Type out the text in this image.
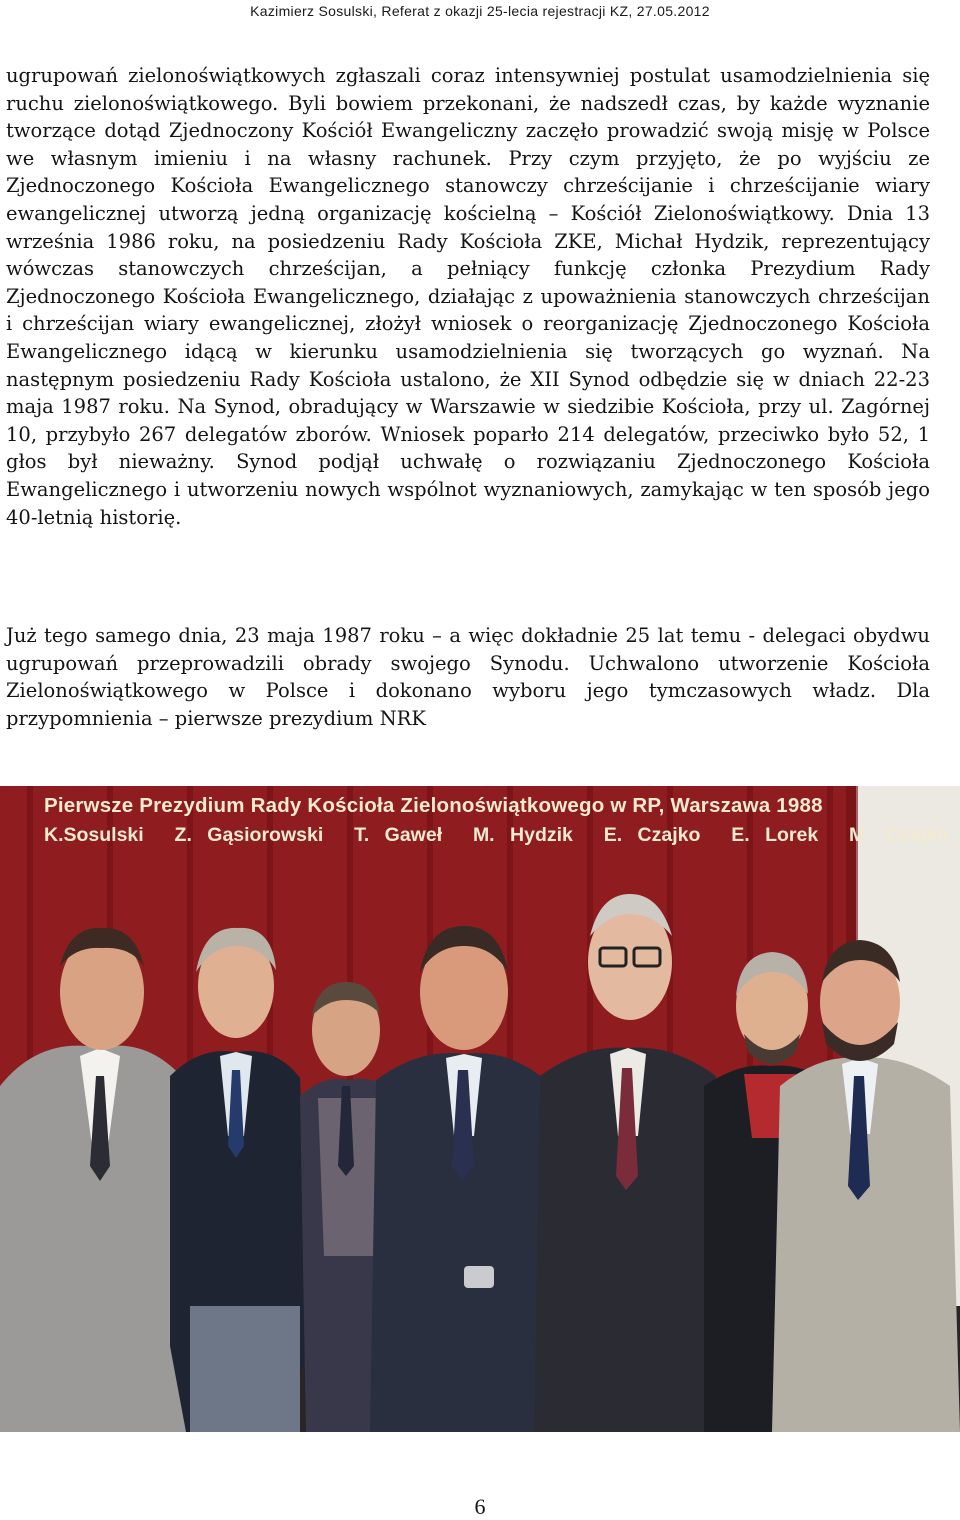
Kazimierz Sosulski, Referat z okazji 25-lecia rejestracji KZ, 27.05.2012

ugrupowań zielonoświątkowych zgłaszali coraz intensywniej postulat usamodzielnienia się ruchu zielonoświątkowego. Byli bowiem przekonani, że nadszedł czas, by każde wyznanie tworzące dotąd Zjednoczony Kościół Ewangeliczny zaczęło prowadzić swoją misję w Polsce we własnym imieniu i na własny rachunek. Przy czym przyjęto, że po wyjściu ze Zjednoczonego Kościoła Ewangelicznego stanowczy chrześcijanie i chrześcijanie wiary ewangelicznej utworzą jedną organizację kościelną – Kościół Zielonoświątkowy. Dnia 13 września 1986 roku, na posiedzeniu Rady Kościoła ZKE, Michał Hydzik, reprezentujący wówczas stanowczych chrześcijan, a pełniący funkcję członka Prezydium Rady Zjednoczonego Kościoła Ewangelicznego, działając z upoważnienia stanowczych chrześcijan i chrześcijan wiary ewangelicznej, złożył wniosek o reorganizację Zjednoczonego Kościoła Ewangelicznego idącą w kierunku usamodzielnienia się tworzących go wyznań. Na następnym posiedzeniu Rady Kościoła ustalono, że XII Synod odbędzie się w dniach 22-23 maja 1987 roku. Na Synod, obradujący w Warszawie w siedzibie Kościoła, przy ul. Zagórnej 10, przybyło 267 delegatów zborów. Wniosek poparło 214 delegatów, przeciwko było 52, 1 głos był nieważny. Synod podjął uchwałę o rozwiązaniu Zjednoczonego Kościoła Ewangelicznego i utworzeniu nowych wspólnot wyznaniowych, zamykając w ten sposób jego 40-letnią historię.

Już tego samego dnia, 23 maja 1987 roku – a więc dokładnie 25 lat temu - delegaci obydwu ugrupowań przeprowadzili obrady swojego Synodu. Uchwalono utworzenie Kościoła Zielonoświątkowego w Polsce i dokonano wyboru jego tymczasowych władz. Dla przypomnienia – pierwsze prezydium NRK

Pierwsze Prezydium Rady Kościoła Zielonoświątkowego w RP, Warszawa 1988
K.Sosulski  Z. Gąsiorowski  T. Gaweł  M. Hydzik  E. Czajko  E. Lorek  M. Czajko
6
